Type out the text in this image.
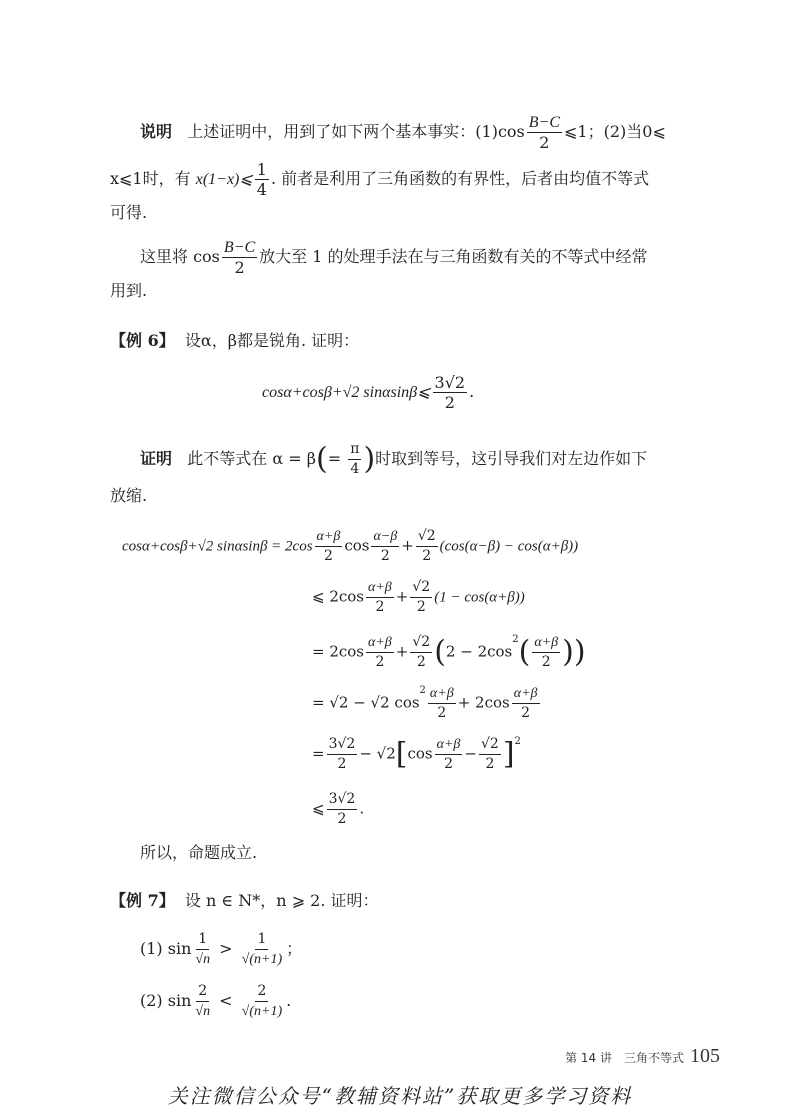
说明 上述证明中，用到了如下两个基本事实：$(1)\cos \frac{B-C}{2}$ ⩽1；(2)当0⩽
x⩽1时，有 x(1−x)⩽ $\frac{1}{4}$ . 前者是利用了三角函数的有界性，后者由均值不等式
可得.
这里将 $\cos \frac{B-C}{2}$ 放大至 1 的处理手法在与三角函数有关的不等式中经常
用到.
【例 6】 设α，β都是锐角. 证明：
cosα+cosβ+√2 sinαsinβ⩽ $\frac{3√2}{2}$ .
证明 此不等式在 $\alpha = \beta(= \frac{\pi}{4}$ )时取到等号，这引导我们对左边作如下
放缩.
cosα+cosβ+√2 $\sin\alpha\sin\beta = 2\cos \frac{\alpha+\beta}{2}$ $\cos \frac{\alpha-\beta}{2} + \frac{√2}{2} (\cos(\alpha-\beta) - \cos(\alpha+\beta))$
⩽ $2\cos \frac{\alpha+\beta}{2} + \frac{√2}{2} (1 - \cos(\alpha+\beta))$
= $2\cos \frac{\alpha+\beta}{2} + \frac{√2}{2} (2 - 2\cos^2( \frac{\alpha+\beta}{2}$ ))
= √2 − √2 $\cos^2 \frac{\alpha+\beta}{2} + 2\cos \frac{\alpha+\beta}{2}$
= $\frac{3√2}{2} - √2[\cos \frac{\alpha+\beta}{2} - \frac{√2}{2} ]^2$
⩽ $\frac{3√2}{2}$ .
所以，命题成立.
【例 7】 设 n ∈ N*，n ⩾ 2. 证明：
(1) $\sin \frac{1}{√n} > \frac{1}{√(n+1)}$ ；
(2) $\sin \frac{2}{√n} < \frac{2}{√(n+1)}$ .
第 14 讲　三角不等式 105
关注微信公众号“教辅资料站”获取更多学习资料
